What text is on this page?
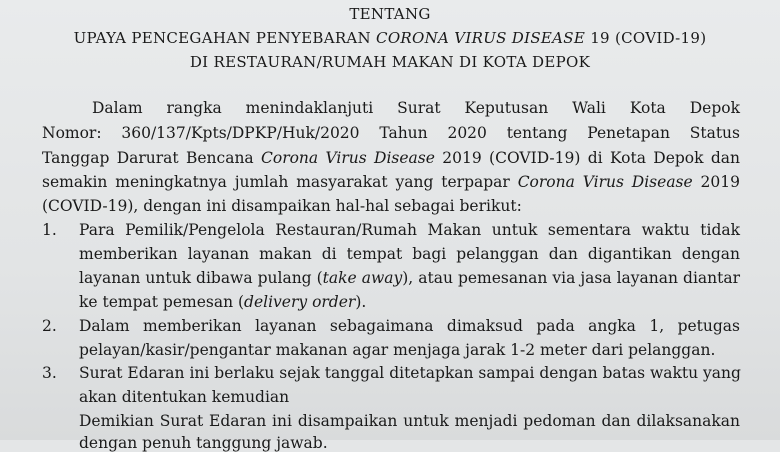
TENTANG
UPAYA PENCEGAHAN PENYEBARAN CORONA VIRUS DISEASE 19 (COVID-19)
DI RESTAURAN/RUMAH MAKAN DI KOTA DEPOK
Dalam rangka menindaklanjuti Surat Keputusan Wali Kota Depok
Nomor: 360/137/Kpts/DPKP/Huk/2020 Tahun 2020 tentang Penetapan Status
Tanggap Darurat Bencana Corona Virus Disease 2019 (COVID-19) di Kota Depok dan
semakin meningkatnya jumlah masyarakat yang terpapar Corona Virus Disease 2019
(COVID-19), dengan ini disampaikan hal-hal sebagai berikut:
1. Para Pemilik/Pengelola Restauran/Rumah Makan untuk sementara waktu tidak
memberikan layanan makan di tempat bagi pelanggan dan digantikan dengan
layanan untuk dibawa pulang (take away), atau pemesanan via jasa layanan diantar
ke tempat pemesan (delivery order).
2. Dalam memberikan layanan sebagaimana dimaksud pada angka 1, petugas
pelayan/kasir/pengantar makanan agar menjaga jarak 1-2 meter dari pelanggan.
3. Surat Edaran ini berlaku sejak tanggal ditetapkan sampai dengan batas waktu yang
akan ditentukan kemudian
Demikian Surat Edaran ini disampaikan untuk menjadi pedoman dan dilaksanakan
dengan penuh tanggung jawab.
